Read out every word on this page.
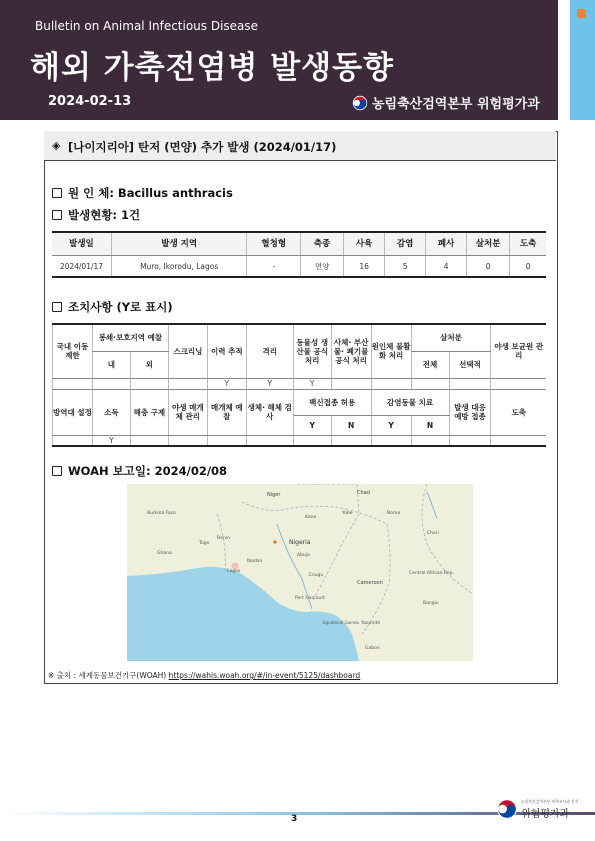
Bulletin on Animal Infectious Disease
해외 가축전염병 발생동향
2024-02-13	농림축산검역본부 위험평가과
◈ [나이지리아] 탄저 (면양) 추가 발생 (2024/01/17)
원 인 체: Bacillus anthracis
발생현황: 1건
발생일	발생 지역	혈청형	축종	사육	감염	폐사	살처분	도축
2024/01/17	Muro, Ikorodu, Lagos	-	면양	16	5	4	0	0
조치사항 (Y로 표시)
국내 이동 제한	봉쇄·보호지역 예찰		스크리닝	이력 추적	격리	동물성 생산물 공식 처리	사체· 부산물· 폐기물 공식 처리	원인체 불활화 처리	살처분		야생 보균원 관리
	내	외							전체	선택적	
				Y	Y	Y					
방역대 설정	소독	해충 구제	야생 매개체 관리	매개체 예찰	생체· 해체 검사	백신접종 허용		감염동물 치료		발생 대응 예방 접종	도축
						Y	N	Y	N		
	Y										
WOAH 보고일: 2024/02/08
Chad
Niger
Borno
Yobe
Kano
Benin
Nigeria
Abuja
Ibadan
Lagos
Enugu
Port Harcourt
Cameroon
Yaoundé
Gabon
Equatorial Guinea
Central African Rep.
Bangui
Chari
Burkina Faso
Togo
Ghana
※ 출처 : 세계동물보건기구(WOAH) https://wahis.woah.org/#/in-event/5125/dashboard
3
농림축산검역본부 역학조사과 분석
위험평가과
